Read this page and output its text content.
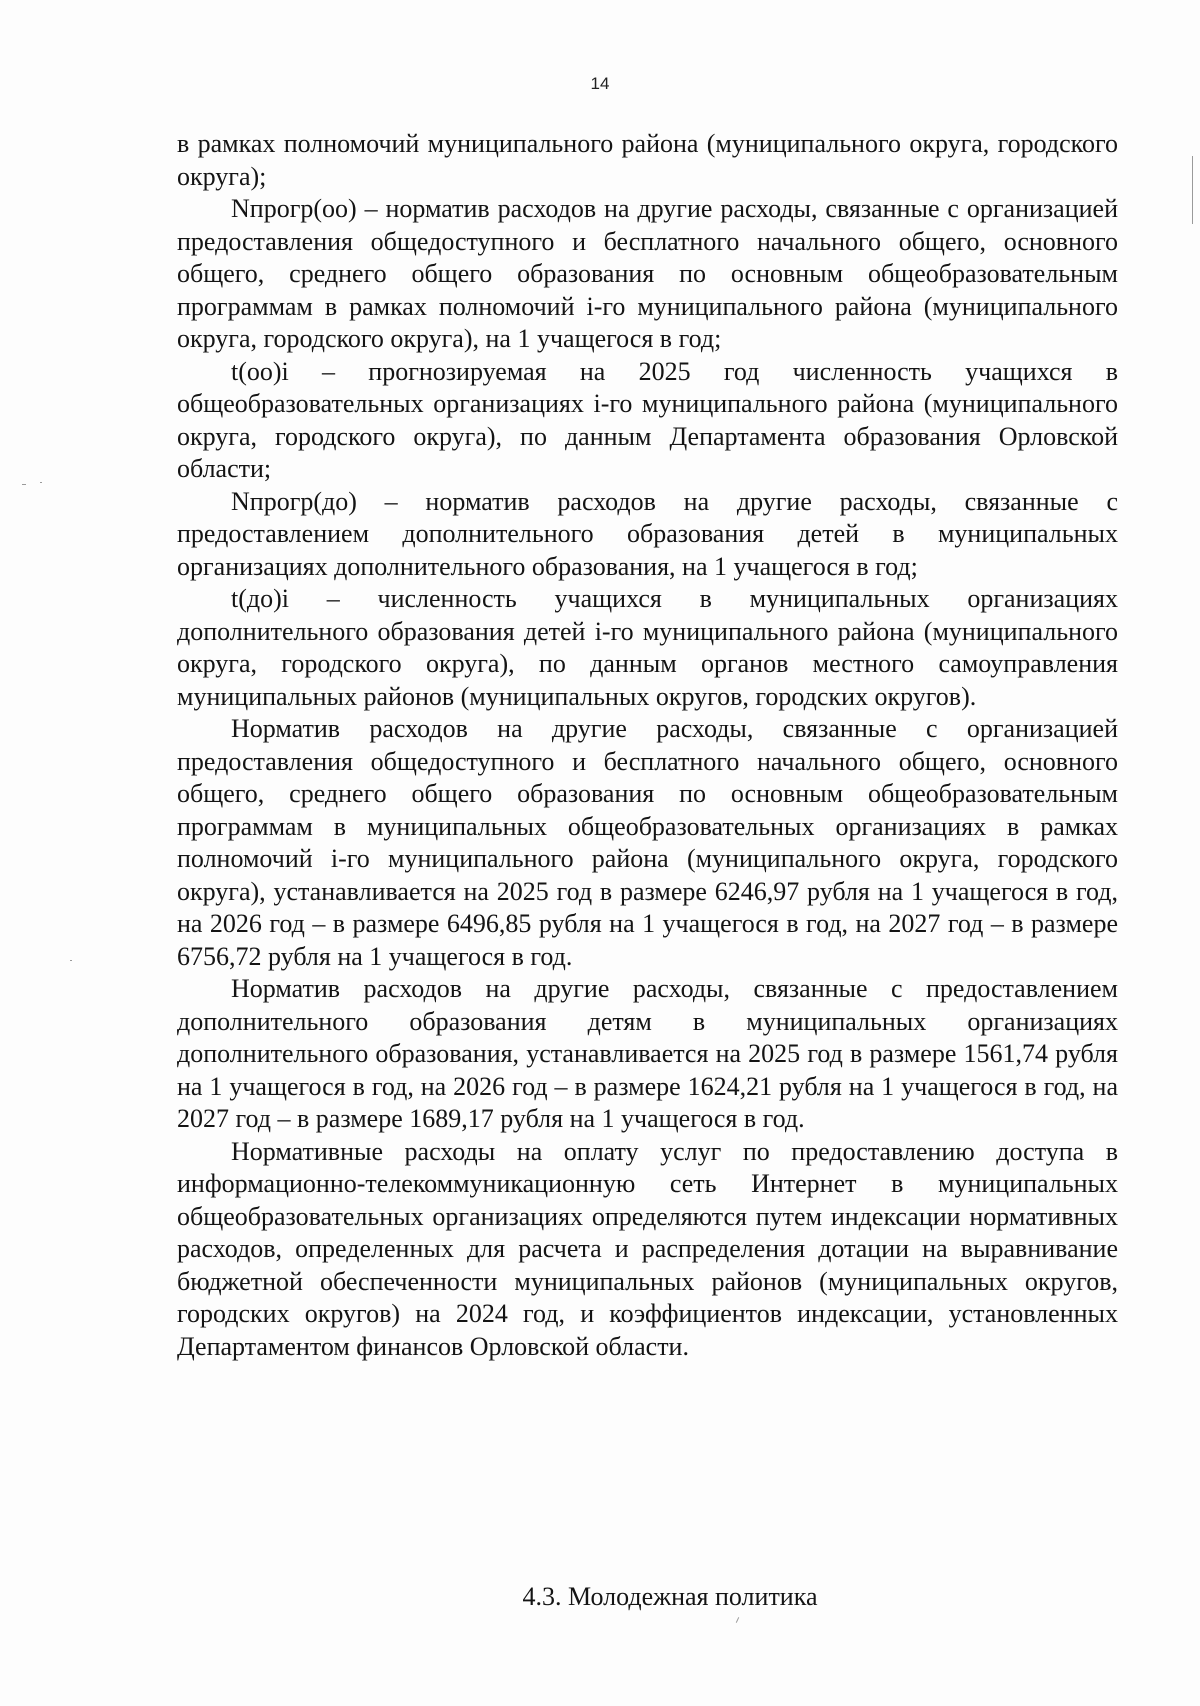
14

в рамках полномочий муниципального района (муниципального округа, городского округа);

Nпрогр(оо) – норматив расходов на другие расходы, связанные с организацией предоставления общедоступного и бесплатного начального общего, основного общего, среднего общего образования по основным общеобразовательным программам в рамках полномочий i-го муниципального района (муниципального округа, городского округа), на 1 учащегося в год;

t(оо)i – прогнозируемая на 2025 год численность учащихся в общеобразовательных организациях i-го муниципального района (муниципального округа, городского округа), по данным Департамента образования Орловской области;

Nпрогр(до) – норматив расходов на другие расходы, связанные с предоставлением дополнительного образования детей в муниципальных организациях дополнительного образования, на 1 учащегося в год;

t(до)i – численность учащихся в муниципальных организациях дополнительного образования детей i-го муниципального района (муниципального округа, городского округа), по данным органов местного самоуправления муниципальных районов (муниципальных округов, городских округов).

Норматив расходов на другие расходы, связанные с организацией предоставления общедоступного и бесплатного начального общего, основного общего, среднего общего образования по основным общеобразовательным программам в муниципальных общеобразовательных организациях в рамках полномочий i-го муниципального района (муниципального округа, городского округа), устанавливается на 2025 год в размере 6246,97 рубля на 1 учащегося в год, на 2026 год – в размере 6496,85 рубля на 1 учащегося в год, на 2027 год – в размере 6756,72 рубля на 1 учащегося в год.

Норматив расходов на другие расходы, связанные с предоставлением дополнительного образования детям в муниципальных организациях дополнительного образования, устанавливается на 2025 год в размере 1561,74 рубля на 1 учащегося в год, на 2026 год – в размере 1624,21 рубля на 1 учащегося в год, на 2027 год – в размере 1689,17 рубля на 1 учащегося в год.

Нормативные расходы на оплату услуг по предоставлению доступа в информационно-телекоммуникационную сеть Интернет в муниципальных общеобразовательных организациях определяются путем индексации нормативных расходов, определенных для расчета и распределения дотации на выравнивание бюджетной обеспеченности муниципальных районов (муниципальных округов, городских округов) на 2024 год, и коэффициентов индексации, установленных Департаментом финансов Орловской области.

4.3. Молодежная политика
